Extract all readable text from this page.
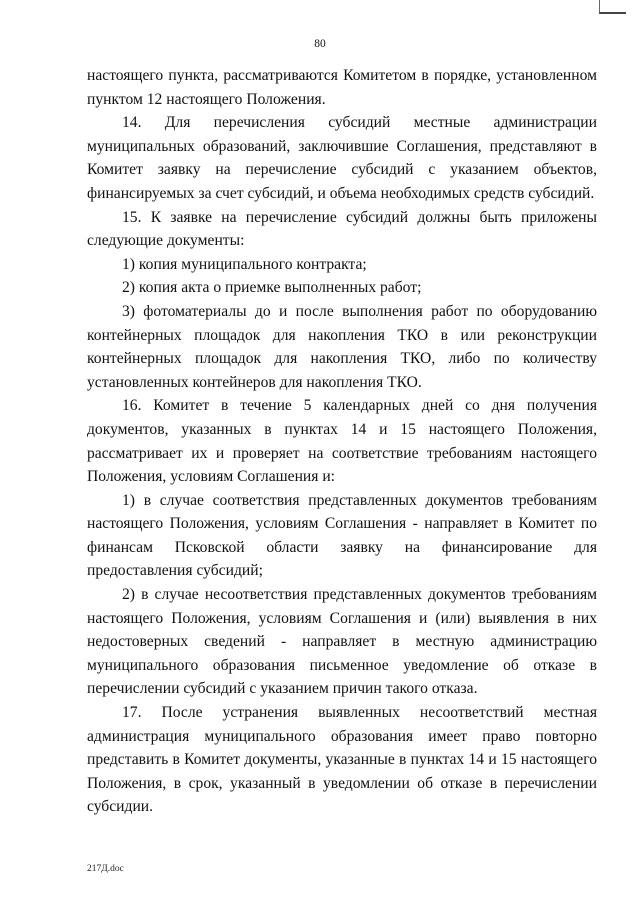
80

настоящего пункта, рассматриваются Комитетом в порядке, установленном пунктом 12 настоящего Положения.

14. Для перечисления субсидий местные администрации муниципальных образований, заключившие Соглашения, представляют в Комитет заявку на перечисление субсидий с указанием объектов, финансируемых за счет субсидий, и объема необходимых средств субсидий.

15. К заявке на перечисление субсидий должны быть приложены следующие документы:

1) копия муниципального контракта;

2) копия акта о приемке выполненных работ;

3) фотоматериалы до и после выполнения работ по оборудованию контейнерных площадок для накопления ТКО в или реконструкции контейнерных площадок для накопления ТКО, либо по количеству установленных контейнеров для накопления ТКО.

16. Комитет в течение 5 календарных дней со дня получения документов, указанных в пунктах 14 и 15 настоящего Положения, рассматривает их и проверяет на соответствие требованиям настоящего Положения, условиям Соглашения и:

1) в случае соответствия представленных документов требованиям настоящего Положения, условиям Соглашения - направляет в Комитет по финансам Псковской области заявку на финансирование для предоставления субсидий;

2) в случае несоответствия представленных документов требованиям настоящего Положения, условиям Соглашения и (или) выявления в них недостоверных сведений - направляет в местную администрацию муниципального образования письменное уведомление об отказе в перечислении субсидий с указанием причин такого отказа.

17. После устранения выявленных несоответствий местная администрация муниципального образования имеет право повторно представить в Комитет документы, указанные в пунктах 14 и 15 настоящего Положения, в срок, указанный в уведомлении об отказе в перечислении субсидии.

217Д.doc
